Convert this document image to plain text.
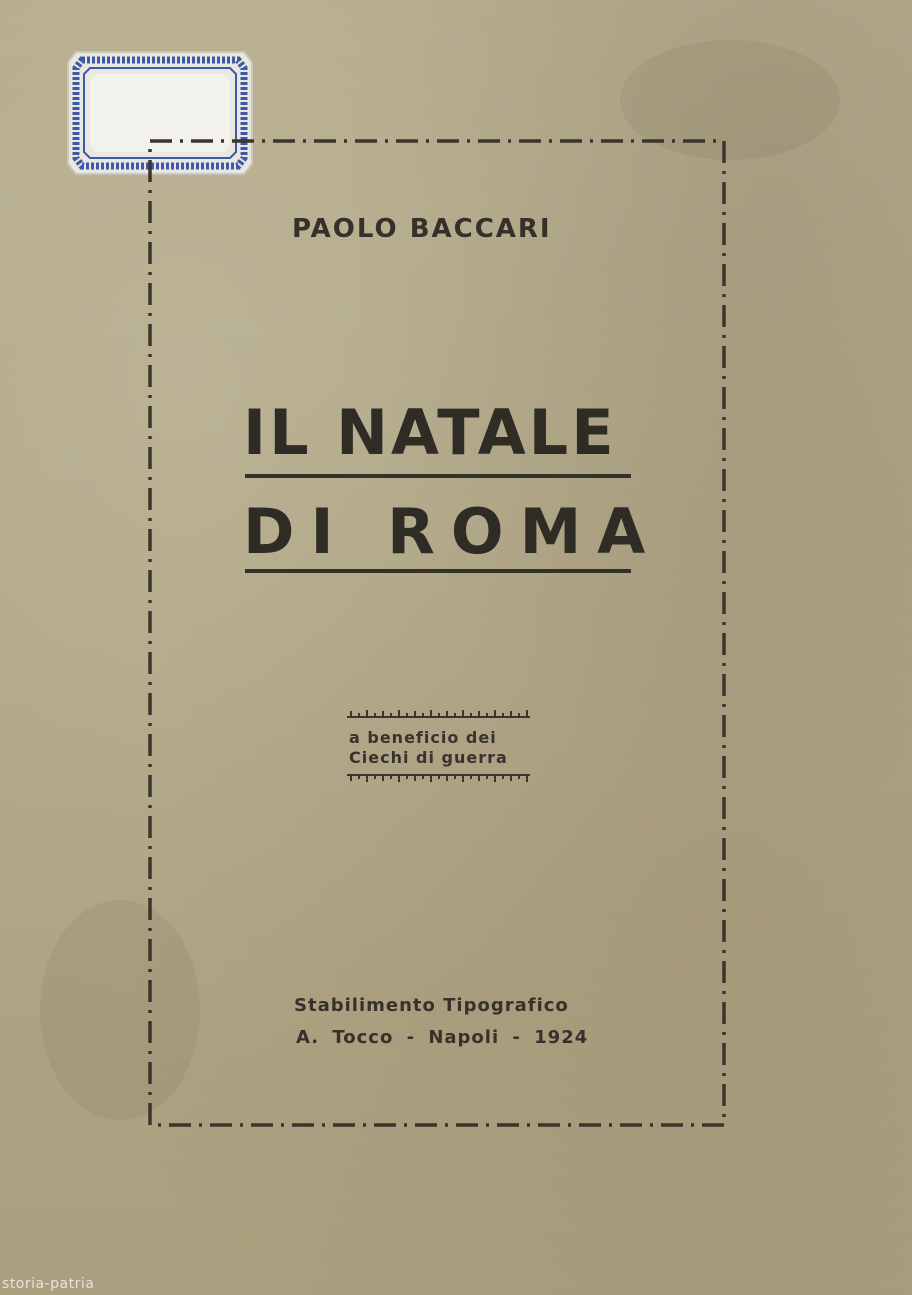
PAOLO BACCARI
IL NATALE
DI ROMA
a beneficio dei
Ciechi di guerra
Stabilimento Tipografico
A. Tocco - Napoli - 1924
storia-patria
